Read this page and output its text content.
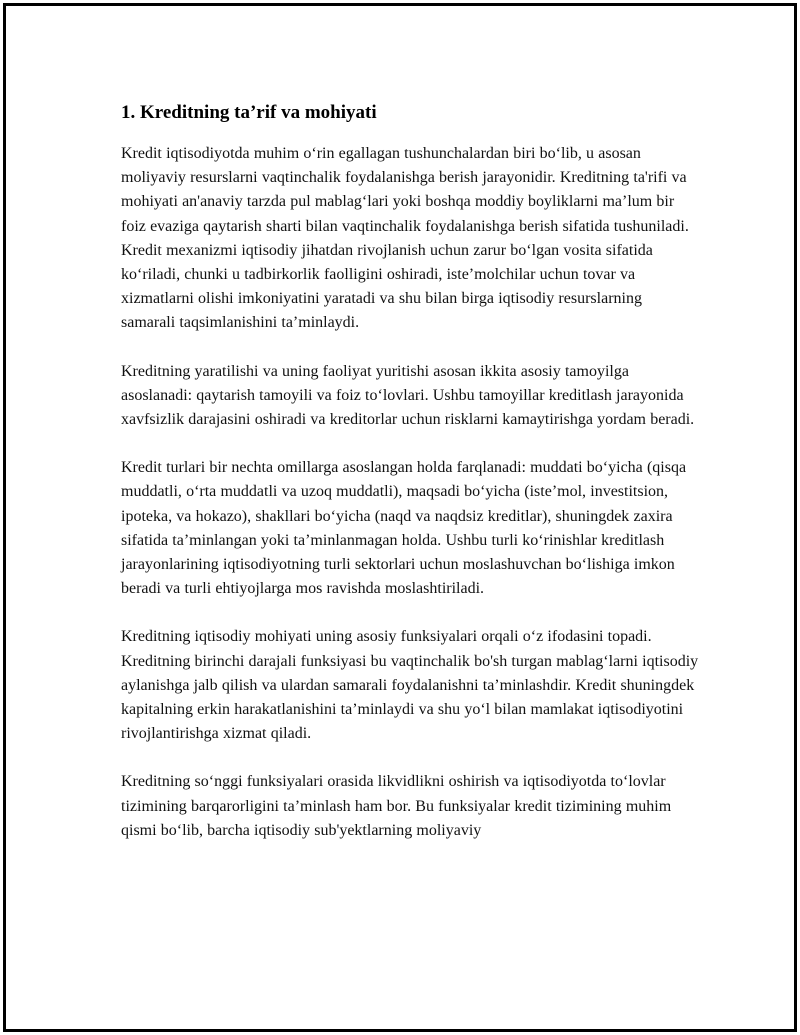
1. Kreditning ta’rif va mohiyati

Kredit iqtisodiyotda muhim o‘rin egallagan tushunchalardan biri bo‘lib, u asosan moliyaviy resurslarni vaqtinchalik foydalanishga berish jarayonidir. Kreditning ta'rifi va mohiyati an'anaviy tarzda pul mablag‘lari yoki boshqa moddiy boyliklarni ma’lum bir foiz evaziga qaytarish sharti bilan vaqtinchalik foydalanishga berish sifatida tushuniladi. Kredit mexanizmi iqtisodiy jihatdan rivojlanish uchun zarur bo‘lgan vosita sifatida ko‘riladi, chunki u tadbirkorlik faolligini oshiradi, iste’molchilar uchun tovar va xizmatlarni olishi imkoniyatini yaratadi va shu bilan birga iqtisodiy resurslarning samarali taqsimlanishini ta’minlaydi.

Kreditning yaratilishi va uning faoliyat yuritishi asosan ikkita asosiy tamoyilga asoslanadi: qaytarish tamoyili va foiz to‘lovlari. Ushbu tamoyillar kreditlash jarayonida xavfsizlik darajasini oshiradi va kreditorlar uchun risklarni kamaytirishga yordam beradi.

Kredit turlari bir nechta omillarga asoslangan holda farqlanadi: muddati bo‘yicha (qisqa muddatli, o‘rta muddatli va uzoq muddatli), maqsadi bo‘yicha (iste’mol, investitsion, ipoteka, va hokazo), shakllari bo‘yicha (naqd va naqdsiz kreditlar), shuningdek zaxira sifatida ta’minlangan yoki ta’minlanmagan holda. Ushbu turli ko‘rinishlar kreditlash jarayonlarining iqtisodiyotning turli sektorlari uchun moslashuvchan bo‘lishiga imkon beradi va turli ehtiyojlarga mos ravishda moslashtiriladi.

Kreditning iqtisodiy mohiyati uning asosiy funksiyalari orqali o‘z ifodasini topadi. Kreditning birinchi darajali funksiyasi bu vaqtinchalik bo'sh turgan mablag‘larni iqtisodiy aylanishga jalb qilish va ulardan samarali foydalanishni ta’minlashdir. Kredit shuningdek kapitalning erkin harakatlanishini ta’minlaydi va shu yo‘l bilan mamlakat iqtisodiyotini rivojlantirishga xizmat qiladi.

Kreditning so‘nggi funksiyalari orasida likvidlikni oshirish va iqtisodiyotda to‘lovlar tizimining barqarorligini ta’minlash ham bor. Bu funksiyalar kredit tizimining muhim qismi bo‘lib, barcha iqtisodiy sub'yektlarning moliyaviy
